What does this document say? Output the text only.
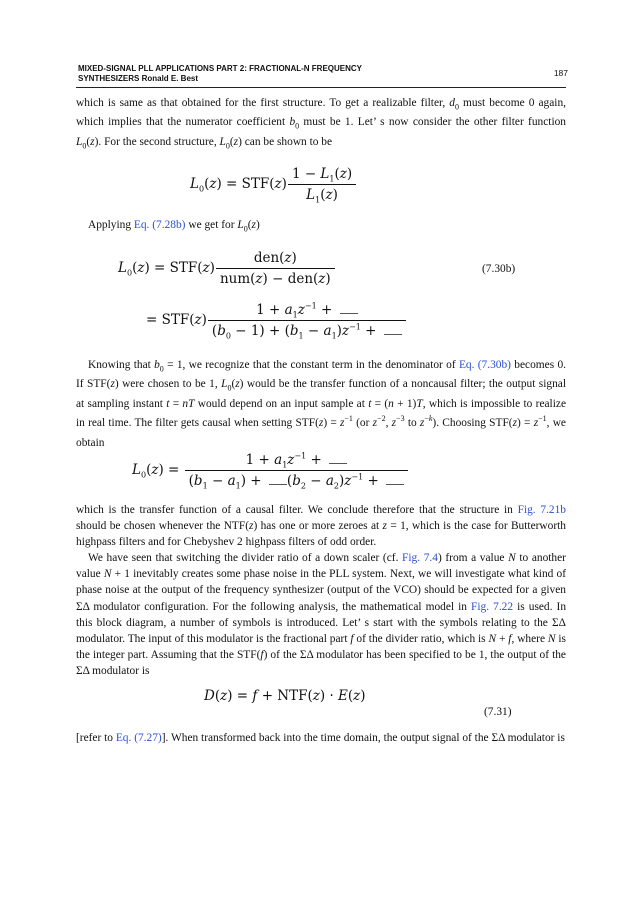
MIXED-SIGNAL PLL APPLICATIONS PART 2: FRACTIONAL-N FREQUENCY
SYNTHESIZERS Ronald E. Best
187
which is same as that obtained for the first structure. To get a realizable filter, $d_0$ must become 0 again, which implies that the numerator coefficient $b_0$ must be 1. Let’ s now consider the other filter function $L_0(z)$. For the second structure, $L_0(z)$ can be shown to be
$L_0(z) = STF(z) \frac{1 - L_1(z)}{L_1(z)}$
Applying Eq. (7.28b) we get for $L_0(z)$
$L_0(z) = STF(z) \frac{\text{den(z)}}{\text{num(z) − den(z)}}$	(7.30b)
= $STF(z) \frac{1 + a_1z^{-1} +}{(b_0 - 1) + (b_1 - a_1)z^{-1} +}$
Knowing that $b_0 = 1$, we recognize that the constant term in the denominator of Eq. (7.30b) becomes 0. If STF(z) were chosen to be 1, $L_0(z)$ would be the transfer function of a noncausal filter; the output signal at sampling instant t = nT would depend on an input sample at t = (n + 1)T, which is impossible to realize in real time. The filter gets causal when setting $STF(z) = z^{-1}$ (or $z^{-2}$, $z^{-3}$ to $z^{-k}$). Choosing $STF(z) = z^{-1}$, we obtain
$L_0(z) = \frac{1 + a_1z^{-1} +}{(b_1 - a_1) + (b_2 - a_2)z^{-1} +}$
which is the transfer function of a causal filter. We conclude therefore that the structure in Fig. 7.21b should be chosen whenever the NTF(z) has one or more zeroes at z = 1, which is the case for Butterworth highpass filters and for Chebyshev 2 highpass filters of odd order.
We have seen that switching the divider ratio of a down scaler (cf. Fig. 7.4) from a value N to another value N + 1 inevitably creates some phase noise in the PLL system. Next, we will investigate what kind of phase noise at the output of the frequency synthesizer (output of the VCO) should be expected for a given ΣΔ modulator configuration. For the following analysis, the mathematical model in Fig. 7.22 is used. In this block diagram, a number of symbols is introduced. Let’ s start with the symbols relating to the ΣΔ modulator. The input of this modulator is the fractional part f of the divider ratio, which is N + f, where N is the integer part. Assuming that the STF(f) of the ΣΔ modulator has been specified to be 1, the output of the ΣΔ modulator is
D(z) = f + NTF(z) · E(z)
(7.31)
[refer to Eq. (7.27)]. When transformed back into the time domain, the output signal of the ΣΔ modulator is
